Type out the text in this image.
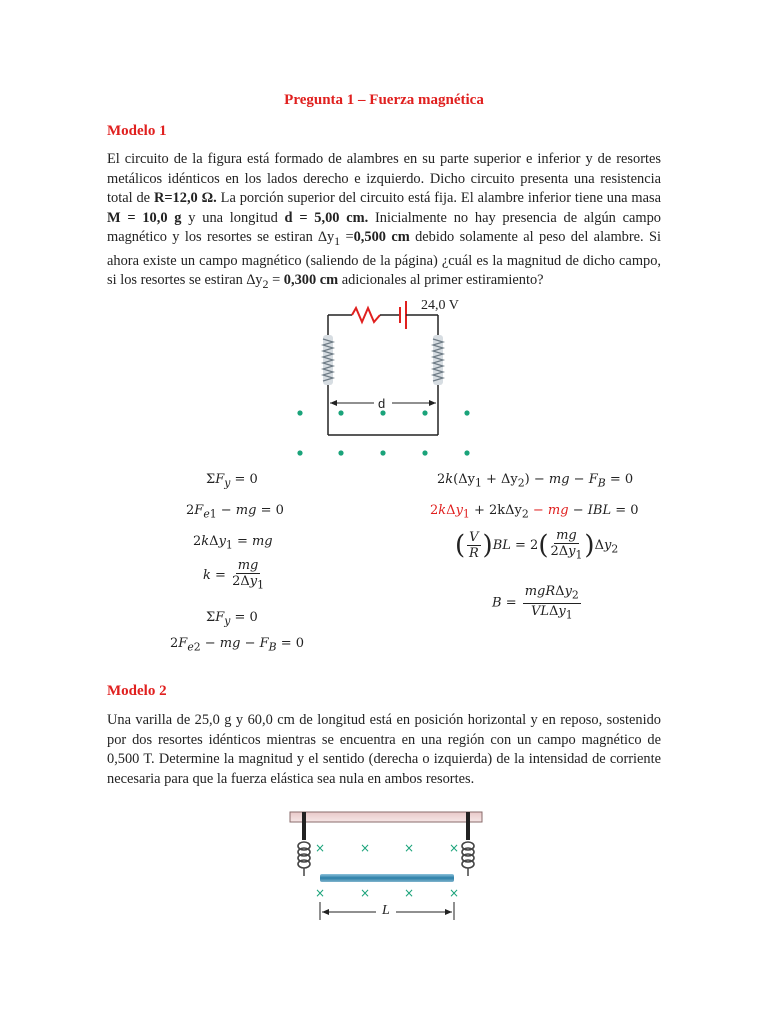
Pregunta 1 – Fuerza magnética
Modelo 1
El circuito de la figura está formado de alambres en su parte superior e inferior y de resortes metálicos idénticos en los lados derecho e izquierdo. Dicho circuito presenta una resistencia total de R=12,0 Ω. La porción superior del circuito está fija. El alambre inferior tiene una masa M = 10,0 g y una longitud d = 5,00 cm. Inicialmente no hay presencia de algún campo magnético y los resortes se estiran $\Delta y_1 =0,500$ cm debido solamente al peso del alambre. Si ahora existe un campo magnético (saliendo de la página) ¿cuál es la magnitud de dicho campo, si los resortes se estiran $\Delta y_2 = 0,300$ cm adicionales al primer estiramiento?
24,0 V
d
$\Sigma F_y = 0$
$2F_{e1}$ − mg = 0
2kΔy$_1$ = mg
$k = \frac{mg}{2\Delta y_1}$
$\Sigma F_y = 0$
$2F_{e2}$ − mg − $F_B = 0$
$2k(\Delta y_1 + \Delta y_2)$ − mg − $F_B = 0$
2kΔy$_1$ + 2kΔy$_2$ − mg − IBL = 0
( $\frac{V}{R} )BL = 2( \frac{mg}{2\Delta y_1} )\Delta y_2$
$B = \frac{mgR\Delta y_2}{VL\Delta y_1}$
Modelo 2
Una varilla de 25,0 g y 60,0 cm de longitud está en posición horizontal y en reposo, sostenido por dos resortes idénticos mientras se encuentra en una región con un campo magnético de 0,500 T. Determine la magnitud y el sentido (derecha o izquierda) de la intensidad de corriente necesaria para que la fuerza elástica sea nula en ambos resortes.
×	×	×	×
×	×	×	×
L
